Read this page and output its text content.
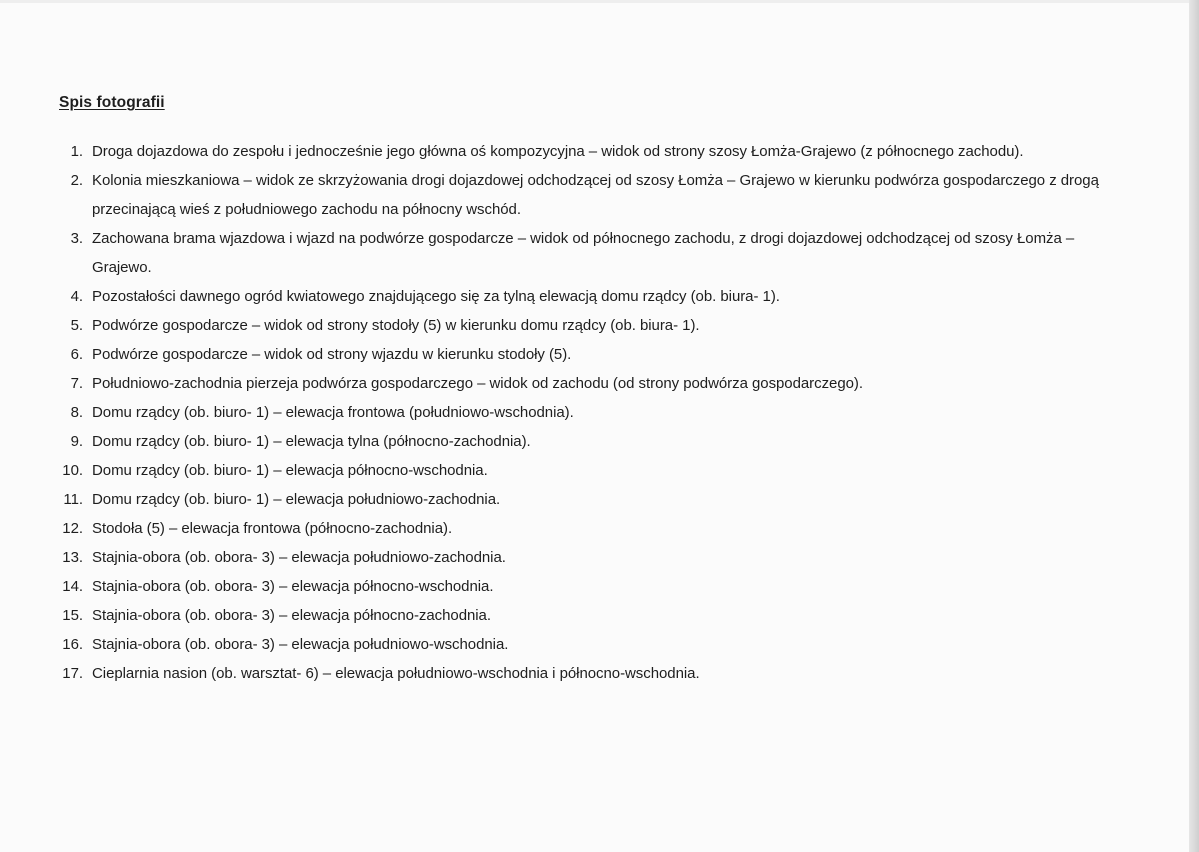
Spis fotografii
1. Droga dojazdowa do zespołu i jednocześnie jego główna oś kompozycyjna – widok od strony szosy Łomża-Grajewo (z północnego zachodu).
2. Kolonia mieszkaniowa – widok ze skrzyżowania drogi dojazdowej odchodzącej od szosy Łomża – Grajewo w kierunku podwórza gospodarczego z drogą przecinającą wieś z południowego zachodu na północny wschód.
3. Zachowana brama wjazdowa i wjazd na podwórze gospodarcze – widok od północnego zachodu, z drogi dojazdowej odchodzącej od szosy Łomża – Grajewo.
4. Pozostałości dawnego ogród kwiatowego znajdującego się za tylną elewacją domu rządcy (ob. biura- 1).
5. Podwórze gospodarcze – widok od strony stodoły (5) w kierunku domu rządcy (ob. biura- 1).
6. Podwórze gospodarcze – widok od strony wjazdu w kierunku stodoły (5).
7. Południowo-zachodnia pierzeja podwórza gospodarczego – widok od zachodu (od strony podwórza gospodarczego).
8. Domu rządcy (ob. biuro- 1) – elewacja frontowa (południowo-wschodnia).
9. Domu rządcy (ob. biuro- 1) – elewacja tylna (północno-zachodnia).
10. Domu rządcy (ob. biuro- 1) – elewacja północno-wschodnia.
11. Domu rządcy (ob. biuro- 1) – elewacja południowo-zachodnia.
12. Stodoła (5) – elewacja frontowa (północno-zachodnia).
13. Stajnia-obora (ob. obora- 3) – elewacja południowo-zachodnia.
14. Stajnia-obora (ob. obora- 3) – elewacja północno-wschodnia.
15. Stajnia-obora (ob. obora- 3) – elewacja północno-zachodnia.
16. Stajnia-obora (ob. obora- 3) – elewacja południowo-wschodnia.
17. Cieplarnia nasion (ob. warsztat- 6) – elewacja południowo-wschodnia i północno-wschodnia.
